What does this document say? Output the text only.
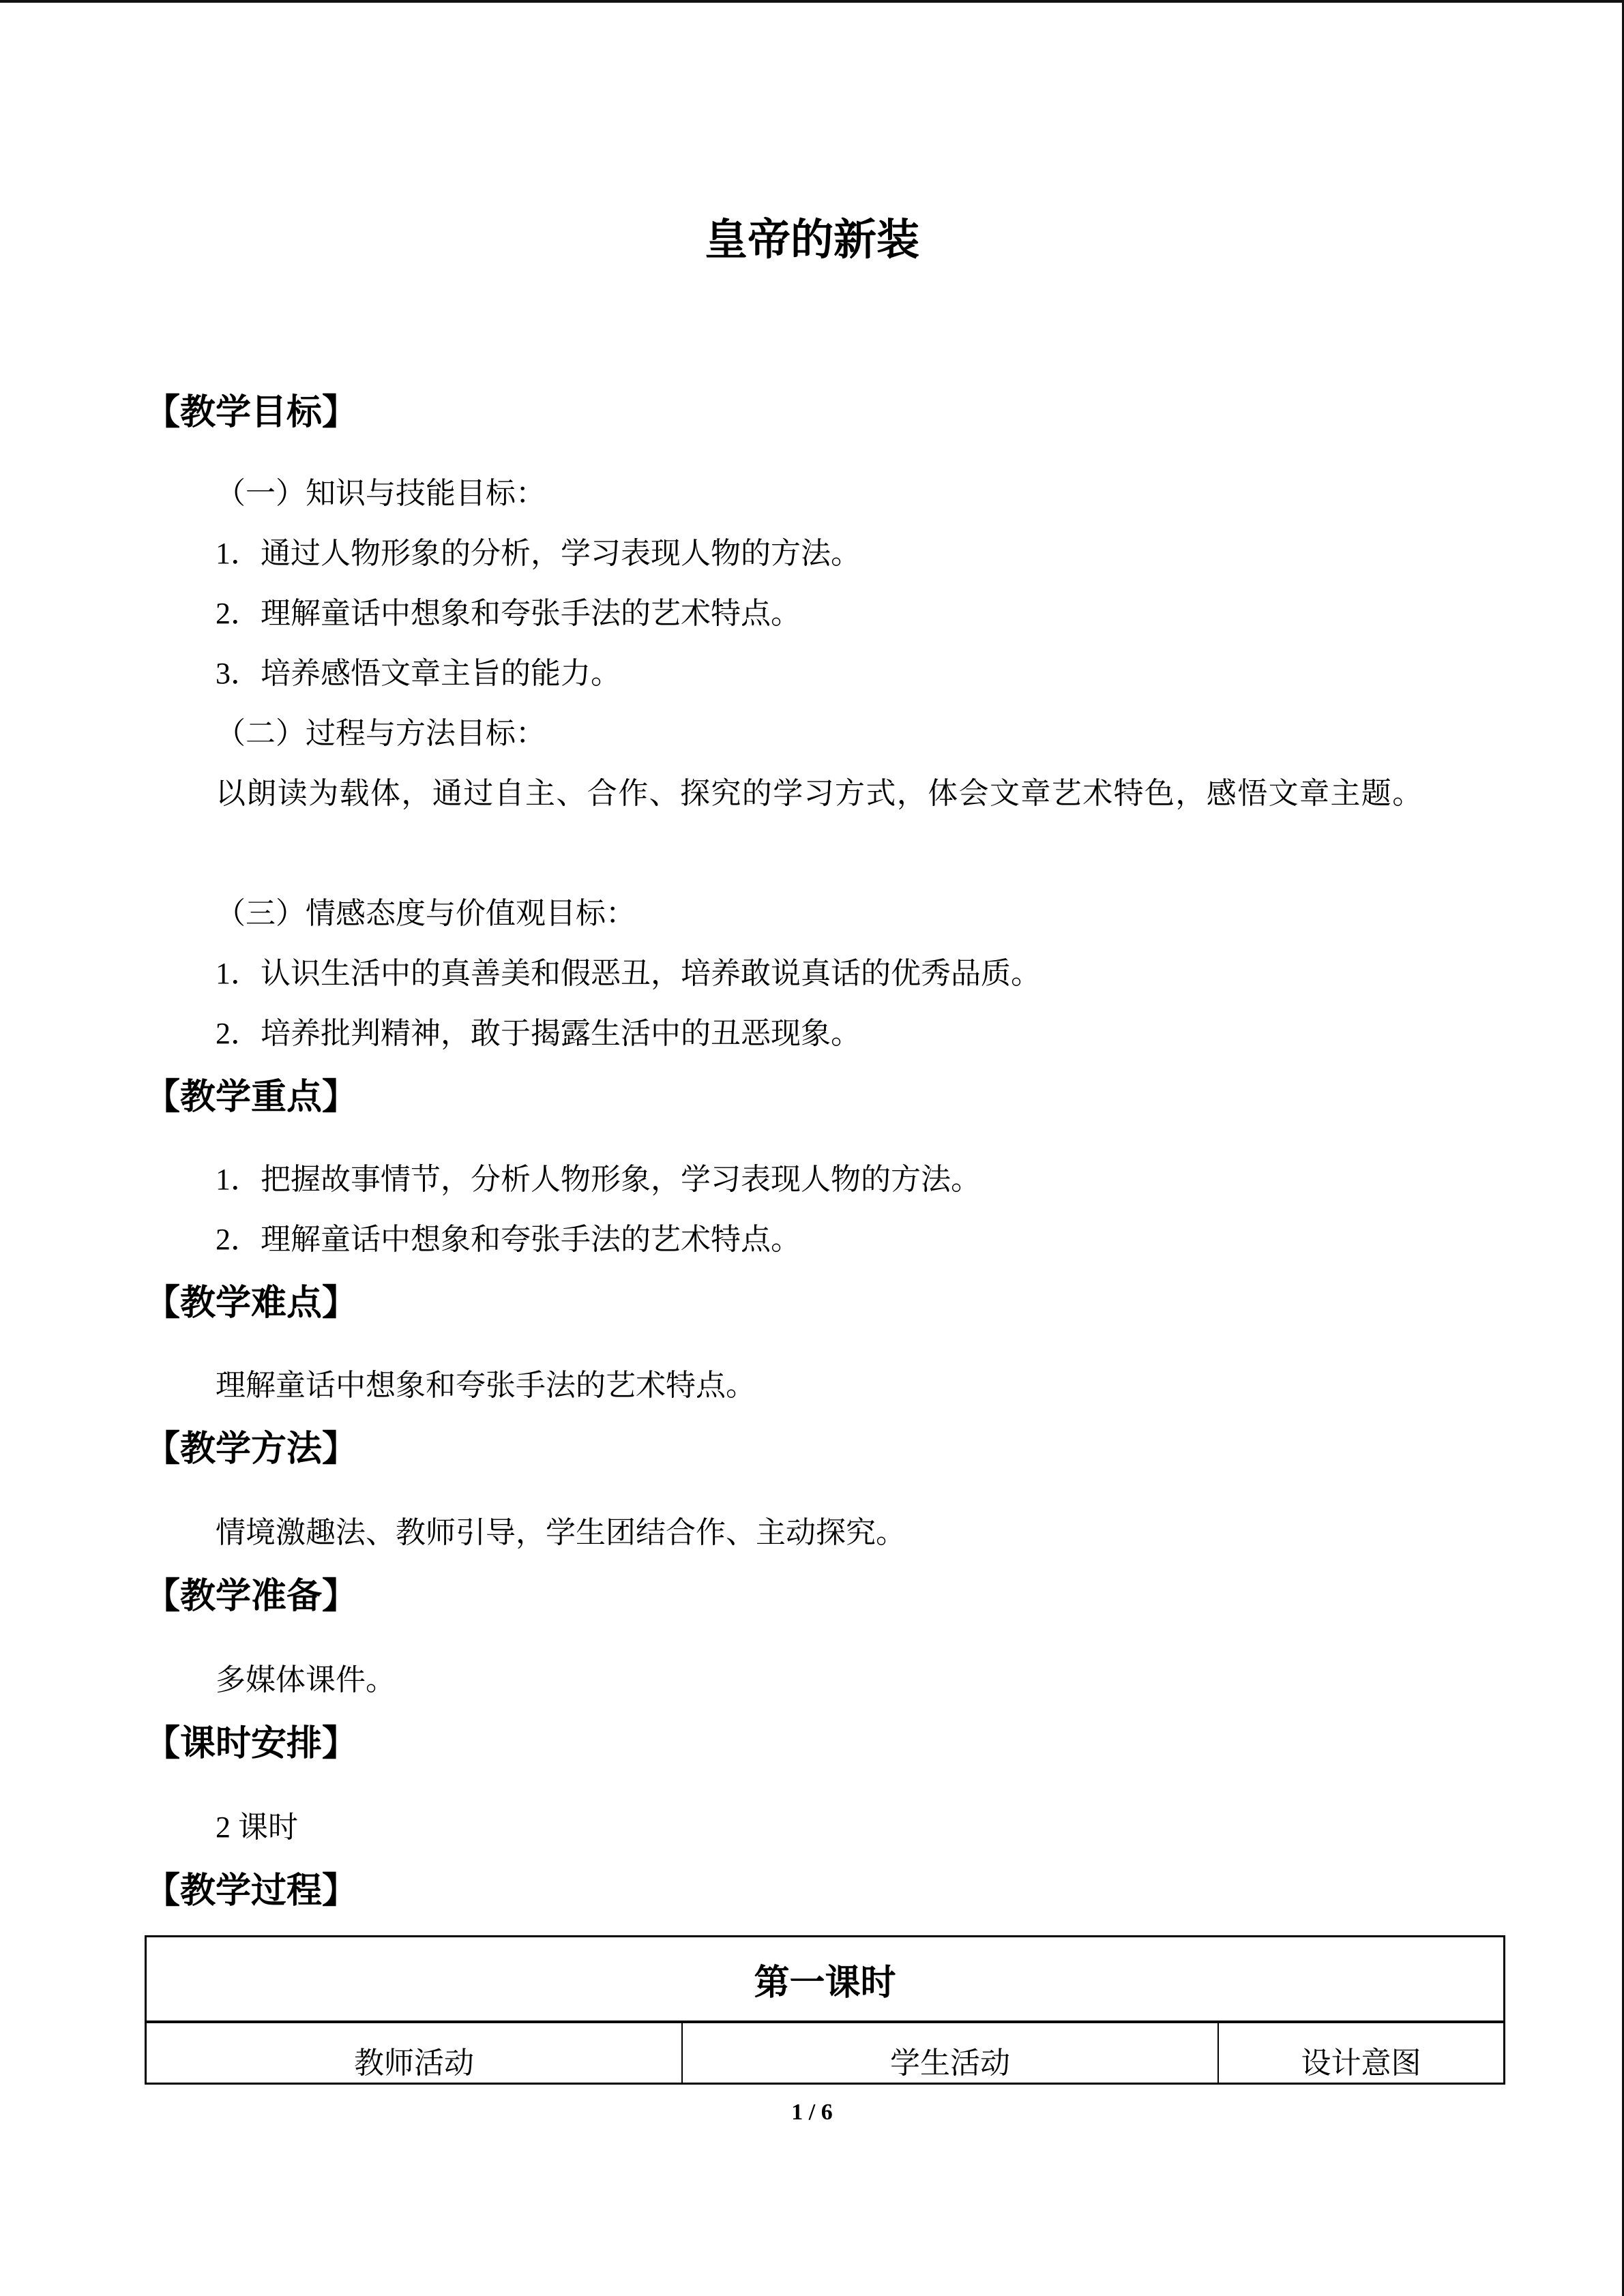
皇帝的新装
【教学目标】
（一）知识与技能目标：
1．通过人物形象的分析，学习表现人物的方法。
2．理解童话中想象和夸张手法的艺术特点。
3．培养感悟文章主旨的能力。
（二）过程与方法目标：
以朗读为载体，通过自主、合作、探究的学习方式，体会文章艺术特色，感悟文章主题。
（三）情感态度与价值观目标：
1．认识生活中的真善美和假恶丑，培养敢说真话的优秀品质。
2．培养批判精神，敢于揭露生活中的丑恶现象。
【教学重点】
1．把握故事情节，分析人物形象，学习表现人物的方法。
2．理解童话中想象和夸张手法的艺术特点。
【教学难点】
理解童话中想象和夸张手法的艺术特点。
【教学方法】
情境激趣法、教师引导，学生团结合作、主动探究。
【教学准备】
多媒体课件。
【课时安排】
2 课时
【教学过程】
第一课时
教师活动	学生活动	设计意图
1 / 6
